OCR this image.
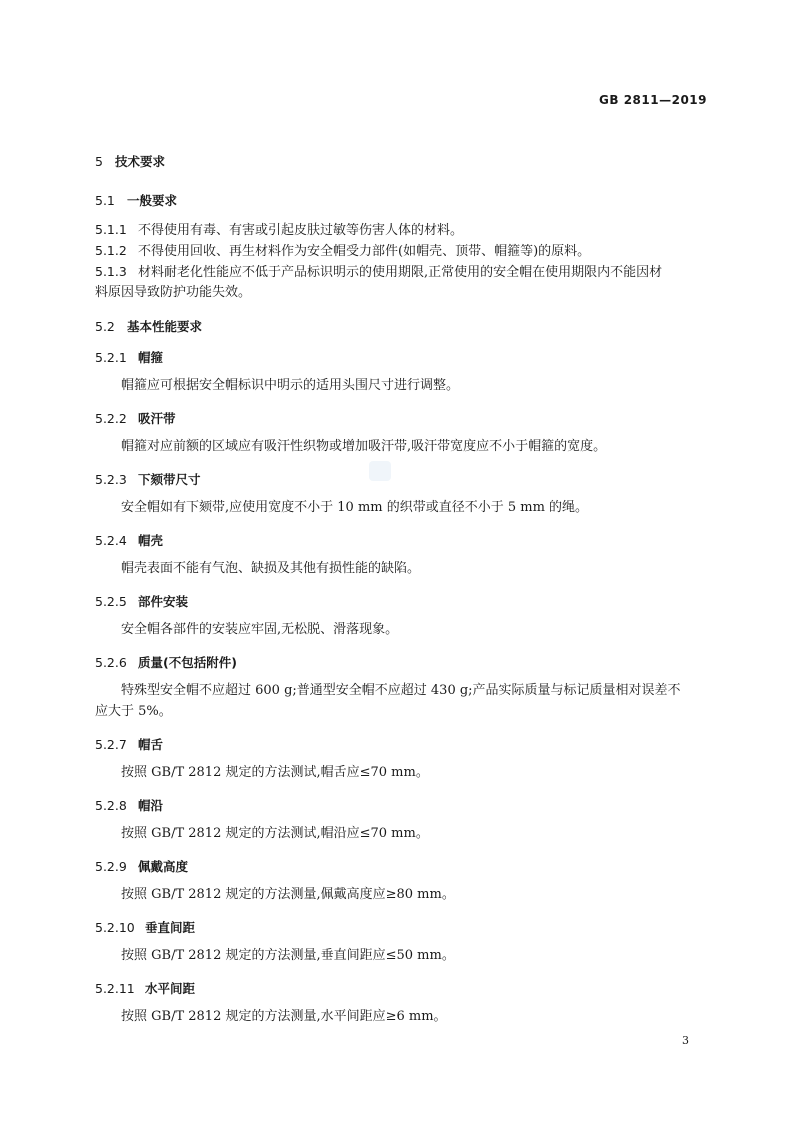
GB 2811—2019
5 技术要求
5.1 一般要求
5.1.1 不得使用有毒、有害或引起皮肤过敏等伤害人体的材料。
5.1.2 不得使用回收、再生材料作为安全帽受力部件(如帽壳、顶带、帽箍等)的原料。
5.1.3 材料耐老化性能应不低于产品标识明示的使用期限,正常使用的安全帽在使用期限内不能因材
料原因导致防护功能失效。
5.2 基本性能要求
5.2.1 帽箍
帽箍应可根据安全帽标识中明示的适用头围尺寸进行调整。
5.2.2 吸汗带
帽箍对应前额的区域应有吸汗性织物或增加吸汗带,吸汗带宽度应不小于帽箍的宽度。
5.2.3 下颏带尺寸
安全帽如有下颏带,应使用宽度不小于 10 mm 的织带或直径不小于 5 mm 的绳。
5.2.4 帽壳
帽壳表面不能有气泡、缺损及其他有损性能的缺陷。
5.2.5 部件安装
安全帽各部件的安装应牢固,无松脱、滑落现象。
5.2.6 质量(不包括附件)
特殊型安全帽不应超过 600 g;普通型安全帽不应超过 430 g;产品实际质量与标记质量相对误差不
应大于 5%。
5.2.7 帽舌
按照 GB/T 2812 规定的方法测试,帽舌应≤70 mm。
5.2.8 帽沿
按照 GB/T 2812 规定的方法测试,帽沿应≤70 mm。
5.2.9 佩戴高度
按照 GB/T 2812 规定的方法测量,佩戴高度应≥80 mm。
5.2.10 垂直间距
按照 GB/T 2812 规定的方法测量,垂直间距应≤50 mm。
5.2.11 水平间距
按照 GB/T 2812 规定的方法测量,水平间距应≥6 mm。
3
